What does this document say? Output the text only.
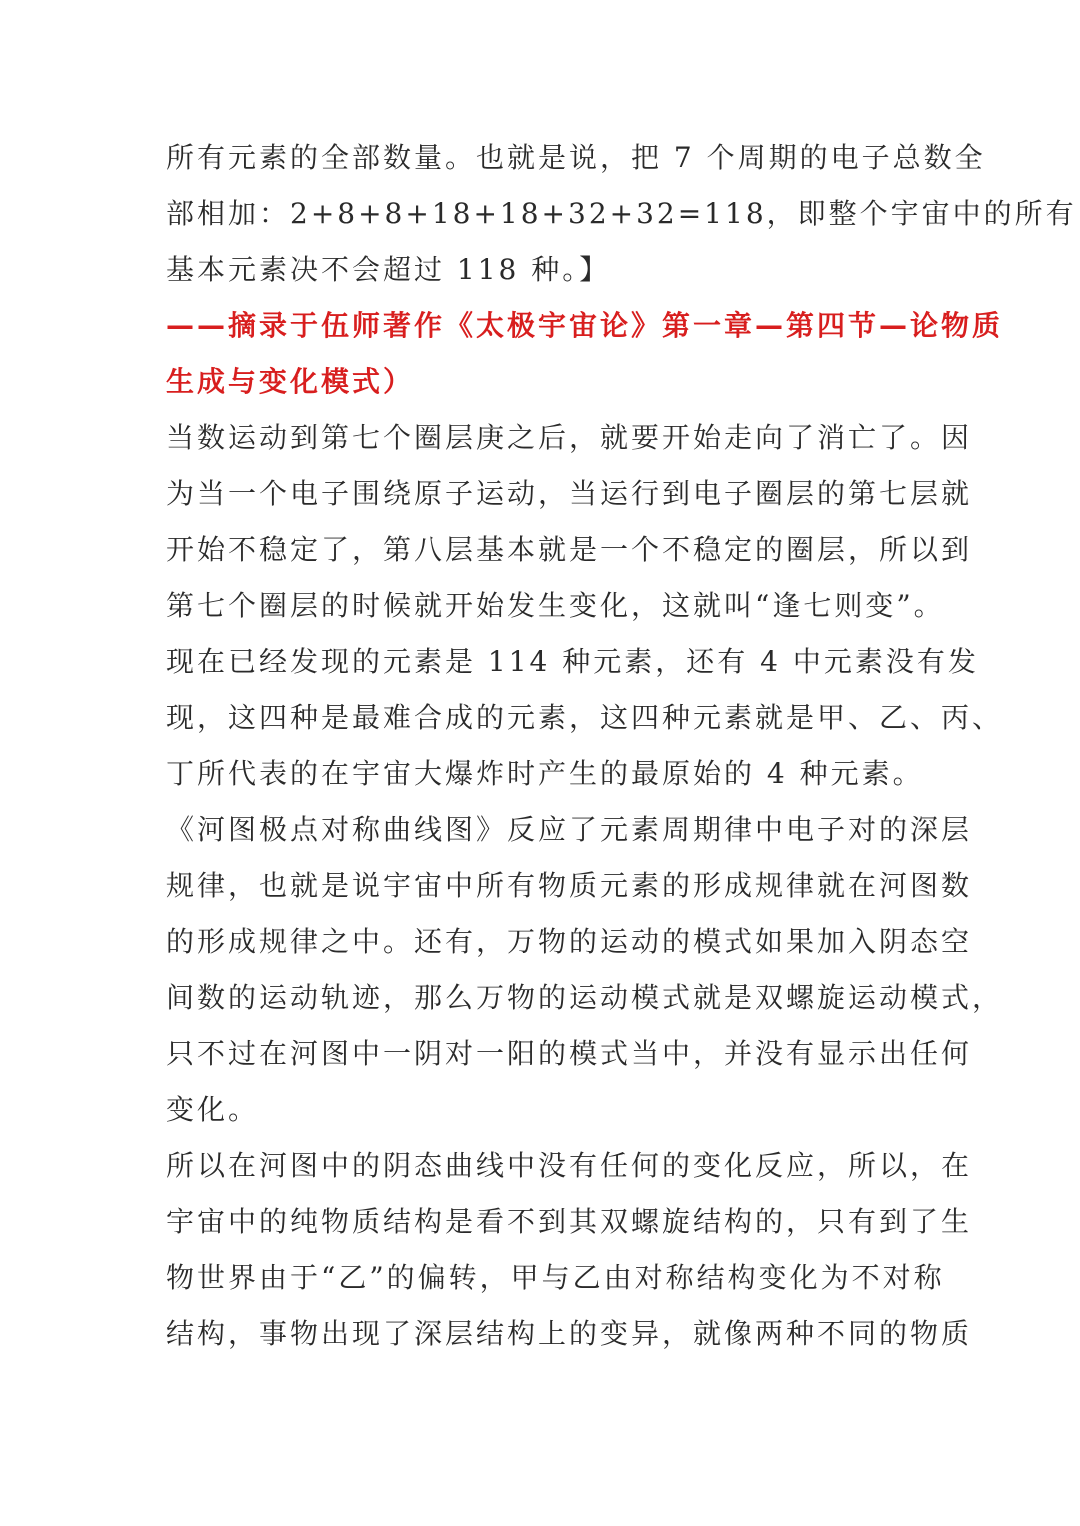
所有元素的全部数量。也就是说，把 7 个周期的电子总数全
部相加：2+8+8+18+18+32+32=118，即整个宇宙中的所有
基本元素决不会超过 118 种。】
——摘录于伍师著作《太极宇宙论》第一章—第四节—论物质
生成与变化模式）
当数运动到第七个圈层庚之后，就要开始走向了消亡了。因
为当一个电子围绕原子运动，当运行到电子圈层的第七层就
开始不稳定了，第八层基本就是一个不稳定的圈层，所以到
第七个圈层的时候就开始发生变化，这就叫“逢七则变”。
现在已经发现的元素是 114 种元素，还有 4 中元素没有发
现，这四种是最难合成的元素，这四种元素就是甲、乙、丙、
丁所代表的在宇宙大爆炸时产生的最原始的 4 种元素。
《河图极点对称曲线图》反应了元素周期律中电子对的深层
规律，也就是说宇宙中所有物质元素的形成规律就在河图数
的形成规律之中。还有，万物的运动的模式如果加入阴态空
间数的运动轨迹，那么万物的运动模式就是双螺旋运动模式，
只不过在河图中一阴对一阳的模式当中，并没有显示出任何
变化。
所以在河图中的阴态曲线中没有任何的变化反应，所以，在
宇宙中的纯物质结构是看不到其双螺旋结构的，只有到了生
物世界由于“乙”的偏转，甲与乙由对称结构变化为不对称
结构，事物出现了深层结构上的变异，就像两种不同的物质
